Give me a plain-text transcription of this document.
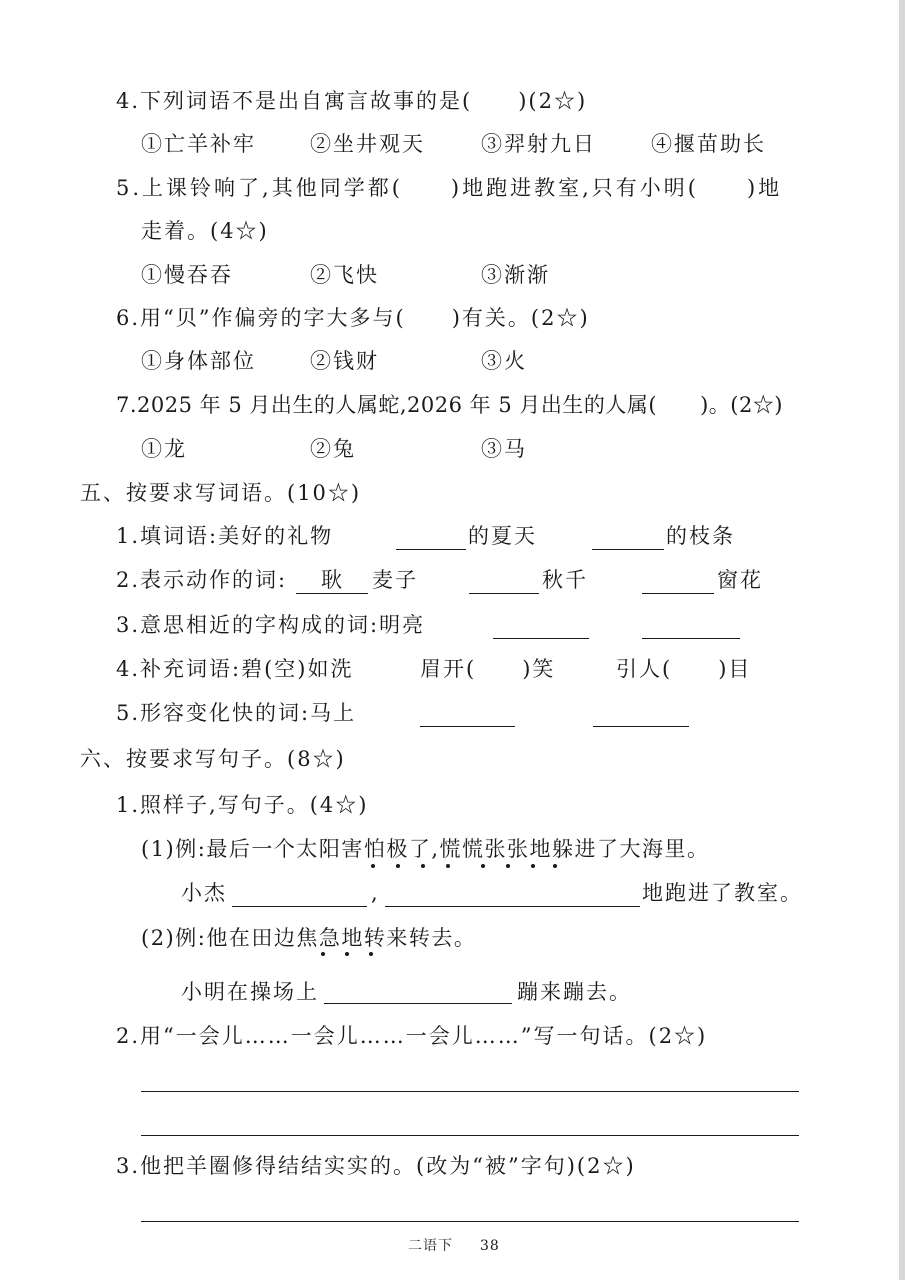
4.下列词语不是出自寓言故事的是(　　)(2☆)
①亡羊补牢	②坐井观天	③羿射九日	④揠苗助长
5.上课铃响了,其他同学都(　　)地跑进教室,只有小明(　　)地
走着。(4☆)
①慢吞吞	②飞快	③渐渐
6.用“贝”作偏旁的字大多与(　　)有关。(2☆)
①身体部位	②钱财	③火
7.2025 年 5 月出生的人属蛇,2026 年 5 月出生的人属(　　)。(2☆)
①龙	②兔	③马
五、按要求写词语。(10☆)
1.填词语:美好的礼物	的夏天	的枝条
2.表示动作的词: 耿 麦子	秋千	窗花
3.意思相近的字构成的词:明亮
4.补充词语:碧(空)如洗	眉开(　　)笑	引人(　　)目
5.形容变化快的词:马上
六、按要求写句子。(8☆)
1.照样子,写句子。(4☆)
(1)例:最后一个太阳害怕极了,慌慌张张地躲进了大海里。
小杰	,	地跑进了教室。
(2)例:他在田边焦急地转来转去。
小明在操场上	蹦来蹦去。
2.用“一会儿……一会儿……一会儿……”写一句话。(2☆)
3.他把羊圈修得结结实实的。(改为“被”字句)(2☆)
二语下 38
